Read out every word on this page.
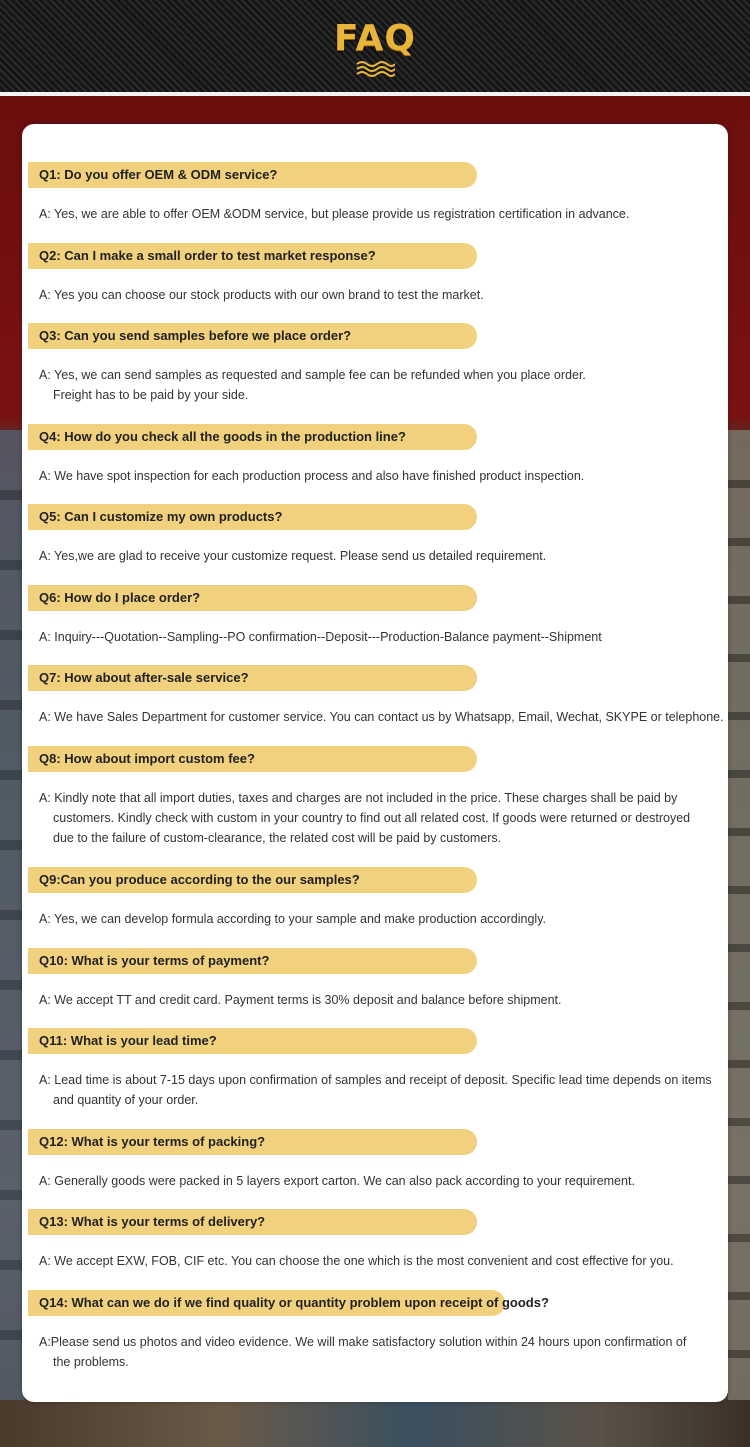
FAQ
Q1: Do you offer OEM & ODM service?
A: Yes, we are able to offer OEM &ODM service, but please provide us registration certification in advance.
Q2: Can I make a small order to test market response?
A: Yes you can choose our stock products with our own brand to test the market.
Q3: Can you send samples before we place order?
A: Yes, we can send samples as requested and sample fee can be refunded when you place order.
Freight has to be paid by your side.
Q4: How do you check all the goods in the production line?
A: We have spot inspection for each production process and also have finished product inspection.
Q5: Can I customize my own products?
A: Yes,we are glad to receive your customize request. Please send us detailed requirement.
Q6: How do I place order?
A: Inquiry---Quotation--Sampling--PO confirmation--Deposit---Production-Balance payment--Shipment
Q7: How about after-sale service?
A: We have Sales Department for customer service. You can contact us by Whatsapp, Email, Wechat, SKYPE or telephone.
Q8: How about import custom fee?
A: Kindly note that all import duties, taxes and charges are not included in the price. These charges shall be paid by
customers. Kindly check with custom in your country to find out all related cost. If goods were returned or destroyed
due to the failure of custom-clearance, the related cost will be paid by customers.
Q9:Can you produce according to the our samples?
A: Yes, we can develop formula according to your sample and make production accordingly.
Q10: What is your terms of payment?
A: We accept TT and credit card. Payment terms is 30% deposit and balance before shipment.
Q11: What is your lead time?
A: Lead time is about 7-15 days upon confirmation of samples and receipt of deposit. Specific lead time depends on items
and quantity of your order.
Q12: What is your terms of packing?
A: Generally goods were packed in 5 layers export carton. We can also pack according to your requirement.
Q13: What is your terms of delivery?
A: We accept EXW, FOB, CIF etc. You can choose the one which is the most convenient and cost effective for you.
Q14: What can we do if we find quality or quantity problem upon receipt of goods?
A:Please send us photos and video evidence. We will make satisfactory solution within 24 hours upon confirmation of
the problems.
